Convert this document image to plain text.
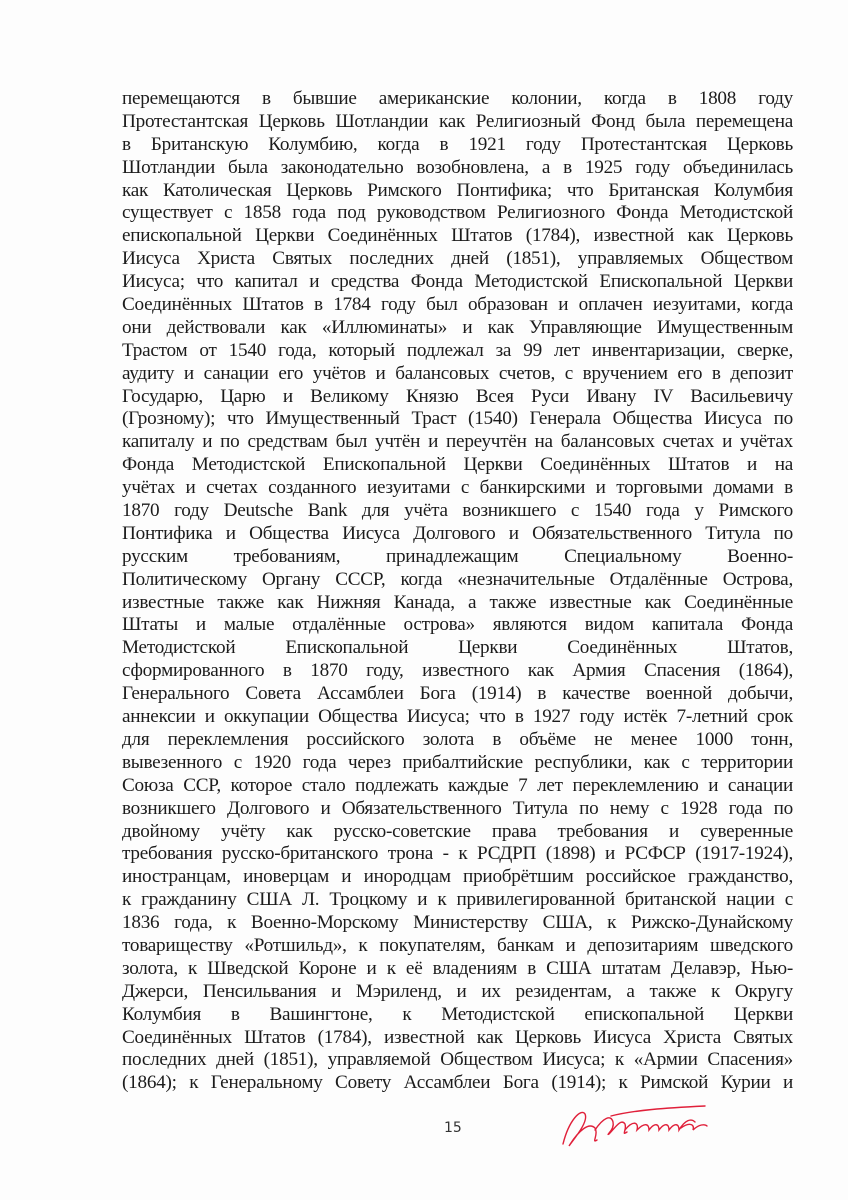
перемещаются в бывшие американские колонии, когда в 1808 году
Протестантская Церковь Шотландии как Религиозный Фонд была перемещена
в Британскую Колумбию, когда в 1921 году Протестантская Церковь
Шотландии была законодательно возобновлена, а в 1925 году объединилась
как Католическая Церковь Римского Понтифика; что Британская Колумбия
существует с 1858 года под руководством Религиозного Фонда Методистской
епископальной Церкви Соединённых Штатов (1784), известной как Церковь
Иисуса Христа Святых последних дней (1851), управляемых Обществом
Иисуса; что капитал и средства Фонда Методистской Епископальной Церкви
Соединённых Штатов в 1784 году был образован и оплачен иезуитами, когда
они действовали как «Иллюминаты» и как Управляющие Имущественным
Трастом от 1540 года, который подлежал за 99 лет инвентаризации, сверке,
аудиту и санации его учётов и балансовых счетов, с вручением его в депозит
Государю, Царю и Великому Князю Всея Руси Ивану IV Васильевичу
(Грозному); что Имущественный Траст (1540) Генерала Общества Иисуса по
капиталу и по средствам был учтён и переучтён на балансовых счетах и учётах
Фонда Методистской Епископальной Церкви Соединённых Штатов и на
учётах и счетах созданного иезуитами с банкирскими и торговыми домами в
1870 году Deutsche Bank для учёта возникшего с 1540 года у Римского
Понтифика и Общества Иисуса Долгового и Обязательственного Титула по
русским требованиям, принадлежащим Специальному Военно-
Политическому Органу СССР, когда «незначительные Отдалённые Острова,
известные также как Нижняя Канада, а также известные как Соединённые
Штаты и малые отдалённые острова» являются видом капитала Фонда
Методистской Епископальной Церкви Соединённых Штатов,
сформированного в 1870 году, известного как Армия Спасения (1864),
Генерального Совета Ассамблеи Бога (1914) в качестве военной добычи,
аннексии и оккупации Общества Иисуса; что в 1927 году истёк 7-летний срок
для переклемления российского золота в объёме не менее 1000 тонн,
вывезенного с 1920 года через прибалтийские республики, как с территории
Союза ССР, которое стало подлежать каждые 7 лет переклемлению и санации
возникшего Долгового и Обязательственного Титула по нему с 1928 года по
двойному учёту как русско-советские права требования и суверенные
требования русско-британского трона - к РСДРП (1898) и РСФСР (1917-1924),
иностранцам, иноверцам и инородцам приобрётшим российское гражданство,
к гражданину США Л. Троцкому и к привилегированной британской нации с
1836 года, к Военно-Морскому Министерству США, к Рижско-Дунайскому
товариществу «Ротшильд», к покупателям, банкам и депозитариям шведского
золота, к Шведской Короне и к её владениям в США штатам Делавэр, Нью-
Джерси, Пенсильвания и Мэриленд, и их резидентам, а также к Округу
Колумбия в Вашингтоне, к Методистской епископальной Церкви
Соединённых Штатов (1784), известной как Церковь Иисуса Христа Святых
последних дней (1851), управляемой Обществом Иисуса; к «Армии Спасения»
(1864); к Генеральному Совету Ассамблеи Бога (1914); к Римской Курии и
15
